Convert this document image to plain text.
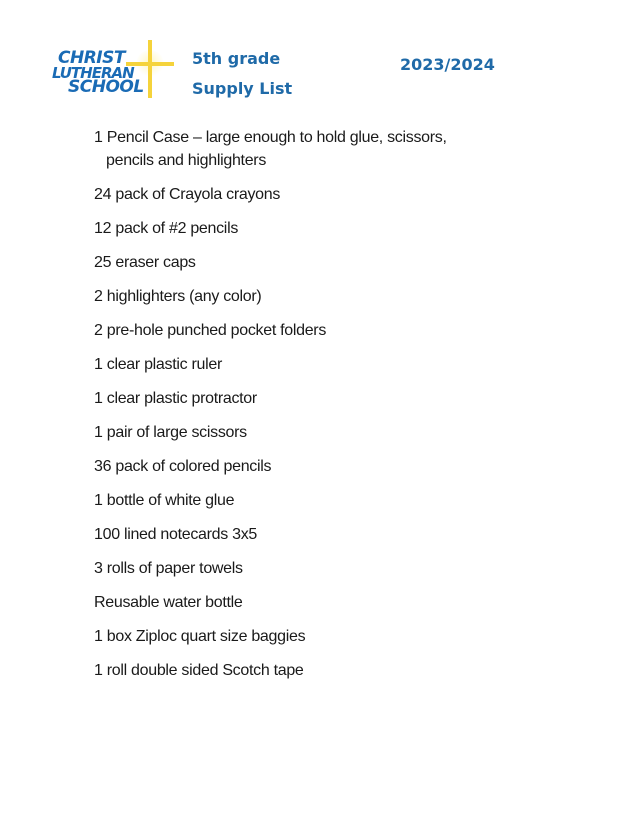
CHRIST
LUTHERAN
SCHOOL
5th grade
Supply List
2023/2024
1 Pencil Case – large enough to hold glue, scissors,
pencils and highlighters
24 pack of Crayola crayons
12 pack of #2 pencils
25 eraser caps
2 highlighters (any color)
2 pre-hole punched pocket folders
1 clear plastic ruler
1 clear plastic protractor
1 pair of large scissors
36 pack of colored pencils
1 bottle of white glue
100 lined notecards 3x5
3 rolls of paper towels
Reusable water bottle
1 box Ziploc quart size baggies
1 roll double sided Scotch tape
